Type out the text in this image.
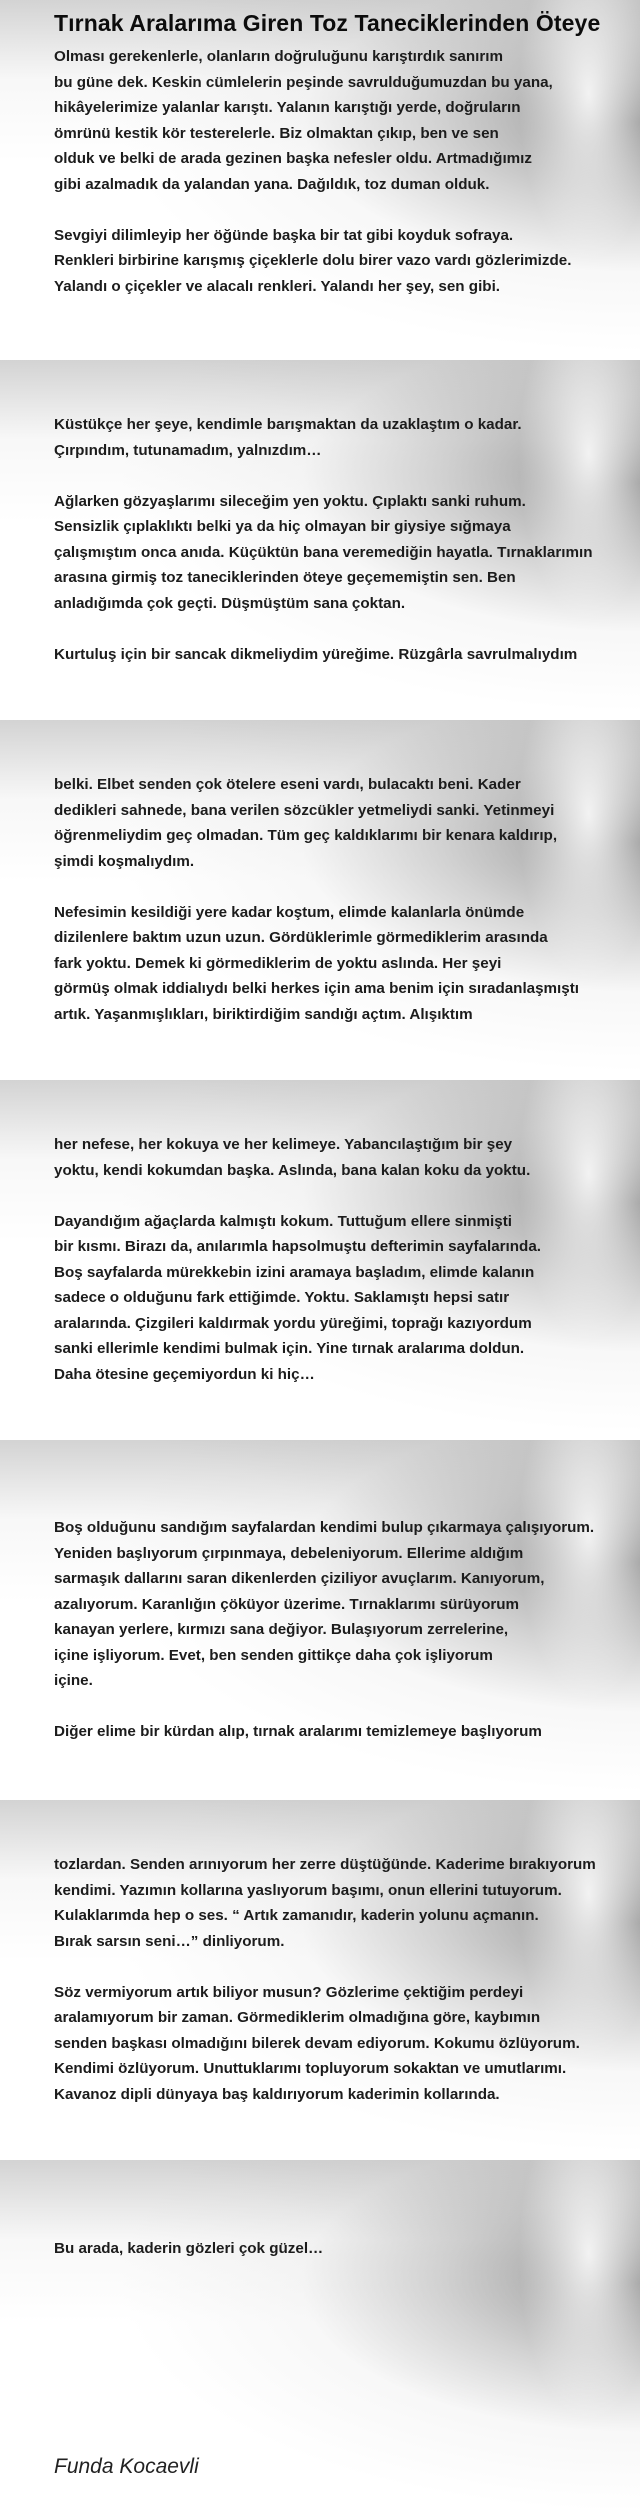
Tırnak Aralarıma Giren Toz Taneciklerinden Öteye
Olması gerekenlerle, olanların doğruluğunu karıştırdık sanırım
bu güne dek. Keskin cümlelerin peşinde savrulduğumuzdan bu yana,
hikâyelerimize yalanlar karıştı. Yalanın karıştığı yerde, doğruların
ömrünü kestik kör testerelerle. Biz olmaktan çıkıp, ben ve sen
olduk ve belki de arada gezinen başka nefesler oldu. Artmadığımız
gibi azalmadık da yalandan yana. Dağıldık, toz duman olduk.

Sevgiyi dilimleyip her öğünde başka bir tat gibi koyduk sofraya.
Renkleri birbirine karışmış çiçeklerle dolu birer vazo vardı gözlerimizde.
Yalandı o çiçekler ve alacalı renkleri. Yalandı her şey, sen gibi.
Küstükçe her şeye, kendimle barışmaktan da uzaklaştım o kadar.
Çırpındım, tutunamadım, yalnızdım…

Ağlarken gözyaşlarımı sileceğim yen yoktu. Çıplaktı sanki ruhum.
Sensizlik çıplaklıktı belki ya da hiç olmayan bir giysiye sığmaya
çalışmıştım onca anıda. Küçüktün bana veremediğin hayatla. Tırnaklarımın
arasına girmiş toz taneciklerinden öteye geçememiştin sen. Ben
anladığımda çok geçti. Düşmüştüm sana çoktan.

Kurtuluş için bir sancak dikmeliydim yüreğime. Rüzgârla savrulmalıydım
belki. Elbet senden çok ötelere eseni vardı, bulacaktı beni. Kader
dedikleri sahnede, bana verilen sözcükler yetmeliydi sanki. Yetinmeyi
öğrenmeliydim geç olmadan. Tüm geç kaldıklarımı bir kenara kaldırıp,
şimdi koşmalıydım.

Nefesimin kesildiği yere kadar koştum, elimde kalanlarla önümde
dizilenlere baktım uzun uzun. Gördüklerimle görmediklerim arasında
fark yoktu. Demek ki görmediklerim de yoktu aslında. Her şeyi
görmüş olmak iddialıydı belki herkes için ama benim için sıradanlaşmıştı
artık. Yaşanmışlıkları, biriktirdiğim sandığı açtım. Alışıktım
her nefese, her kokuya ve her kelimeye. Yabancılaştığım bir şey
yoktu, kendi kokumdan başka. Aslında, bana kalan koku da yoktu.

Dayandığım ağaçlarda kalmıştı kokum. Tuttuğum ellere sinmişti
bir kısmı. Birazı da, anılarımla hapsolmuştu defterimin sayfalarında.
Boş sayfalarda mürekkebin izini aramaya başladım, elimde kalanın
sadece o olduğunu fark ettiğimde. Yoktu. Saklamıştı hepsi satır
aralarında. Çizgileri kaldırmak yordu yüreğimi, toprağı kazıyordum
sanki ellerimle kendimi bulmak için. Yine tırnak aralarıma doldun.
Daha ötesine geçemiyordun ki hiç…
Boş olduğunu sandığım sayfalardan kendimi bulup çıkarmaya çalışıyorum.
Yeniden başlıyorum çırpınmaya, debeleniyorum. Ellerime aldığım
sarmaşık dallarını saran dikenlerden çiziliyor avuçlarım. Kanıyorum,
azalıyorum. Karanlığın çöküyor üzerime. Tırnaklarımı sürüyorum
kanayan yerlere, kırmızı sana değiyor. Bulaşıyorum zerrelerine,
içine işliyorum. Evet, ben senden gittikçe daha çok işliyorum
içine.

Diğer elime bir kürdan alıp, tırnak aralarımı temizlemeye başlıyorum
tozlardan. Senden arınıyorum her zerre düştüğünde. Kaderime bırakıyorum
kendimi. Yazımın kollarına yaslıyorum başımı, onun ellerini tutuyorum.
Kulaklarımda hep o ses. “ Artık zamanıdır, kaderin yolunu açmanın.
Bırak sarsın seni…” dinliyorum.

Söz vermiyorum artık biliyor musun? Gözlerime çektiğim perdeyi
aralamıyorum bir zaman. Görmediklerim olmadığına göre, kaybımın
senden başkası olmadığını bilerek devam ediyorum. Kokumu özlüyorum.
Kendimi özlüyorum. Unuttuklarımı topluyorum sokaktan ve umutlarımı.
Kavanoz dipli dünyaya baş kaldırıyorum kaderimin kollarında.
Bu arada, kaderin gözleri çok güzel…
Funda Kocaevli
